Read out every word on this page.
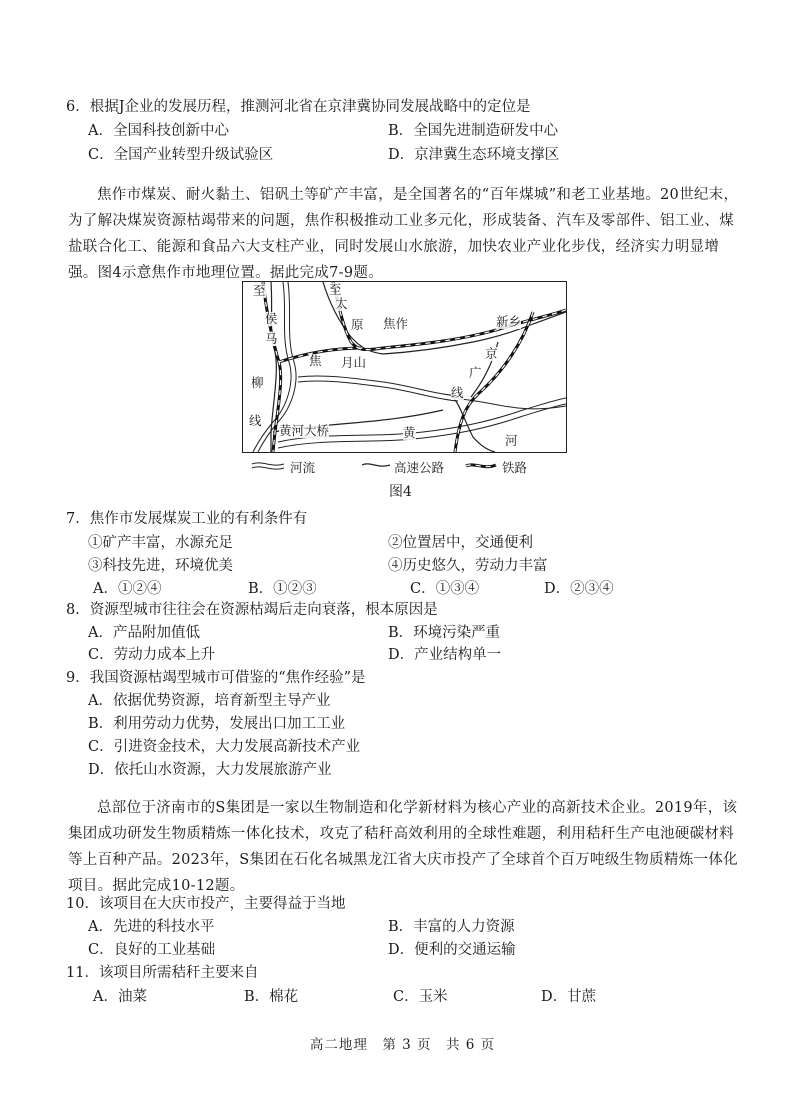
6．根据J企业的发展历程，推测河北省在京津冀协同发展战略中的定位是
A．全国科技创新中心	B．全国先进制造研发中心
C．全国产业转型升级试验区	D．京津冀生态环境支撑区
焦作市煤炭、耐火黏土、铝矾土等矿产丰富，是全国著名的“百年煤城”和老工业基地。20世纪末，为了解决煤炭资源枯竭带来的问题，焦作积极推动工业多元化，形成装备、汽车及零部件、铝工业、煤盐联合化工、能源和食品六大支柱产业，同时发展山水旅游，加快农业产业化步伐，经济实力明显增强。图4示意焦作市地理位置。据此完成7-9题。
至
侯
马
至
太
原 焦作	新乡
焦 月山
京
广
线
柳
线
黄河大桥	黄
河
河流	高速公路	铁路
图4
7．焦作市发展煤炭工业的有利条件有
①矿产丰富，水源充足	②位置居中，交通便利
③科技先进，环境优美	④历史悠久，劳动力丰富
A．①②④	B．①②③	C．①③④	D．②③④
8．资源型城市往往会在资源枯竭后走向衰落，根本原因是
A．产品附加值低	B．环境污染严重
C．劳动力成本上升	D．产业结构单一
9．我国资源枯竭型城市可借鉴的“焦作经验”是
A．依据优势资源，培育新型主导产业
B．利用劳动力优势，发展出口加工工业
C．引进资金技术，大力发展高新技术产业
D．依托山水资源，大力发展旅游产业
总部位于济南市的S集团是一家以生物制造和化学新材料为核心产业的高新技术企业。2019年，该集团成功研发生物质精炼一体化技术，攻克了秸秆高效利用的全球性难题，利用秸秆生产电池硬碳材料等上百种产品。2023年，S集团在石化名城黑龙江省大庆市投产了全球首个百万吨级生物质精炼一体化项目。据此完成10-12题。
10．该项目在大庆市投产，主要得益于当地
A．先进的科技水平	B．丰富的人力资源
C．良好的工业基础	D．便利的交通运输
11．该项目所需秸秆主要来自
A．油菜	B．棉花	C．玉米	D．甘蔗
高二地理　第 3 页　共 6 页
